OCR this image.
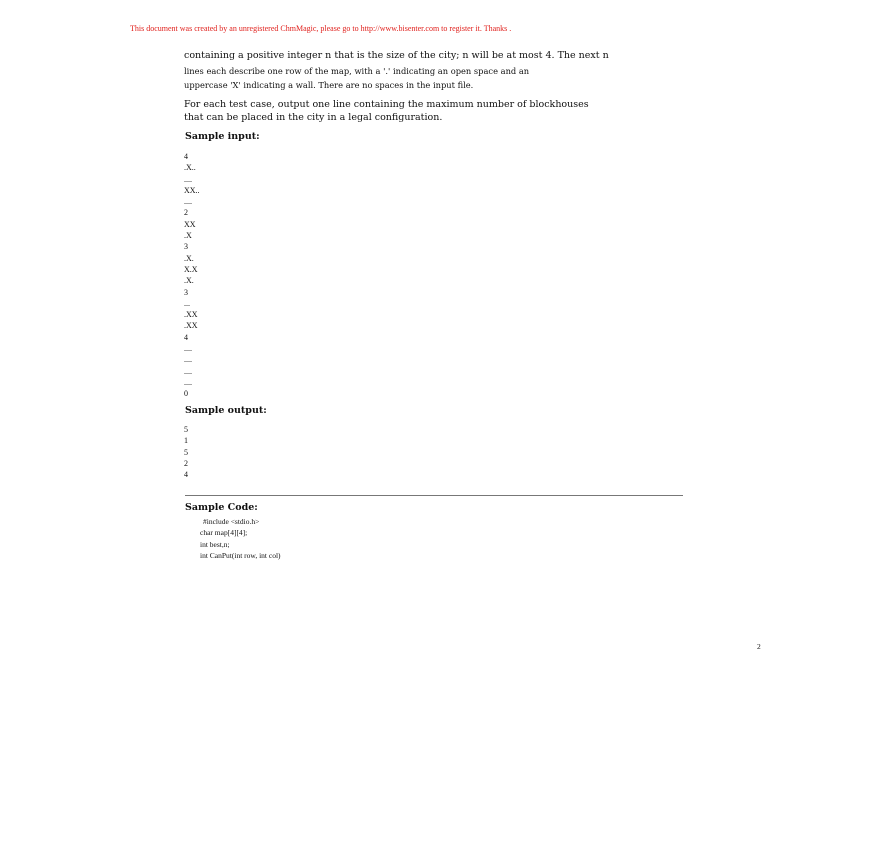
This document was created by an unregistered ChmMagic, please go to http://www.bisenter.com to register it. Thanks .
containing a positive integer n that is the size of the city; n will be at most 4. The next n
lines each describe one row of the map, with a '.' indicating an open space and an
uppercase 'X' indicating a wall. There are no spaces in the input file.
For each test case, output one line containing the maximum number of blockhouses
that can be placed in the city in a legal configuration.
Sample input:
4
.X..
....
XX..
....
2
XX
.X
3
.X.
X.X
.X.
3
...
.XX
.XX
4
....
....
....
....
0
Sample output:
5
1
5
2
4
Sample Code:
#include <stdio.h>
char map[4][4];
int best,n;
int CanPut(int row, int col)
2
